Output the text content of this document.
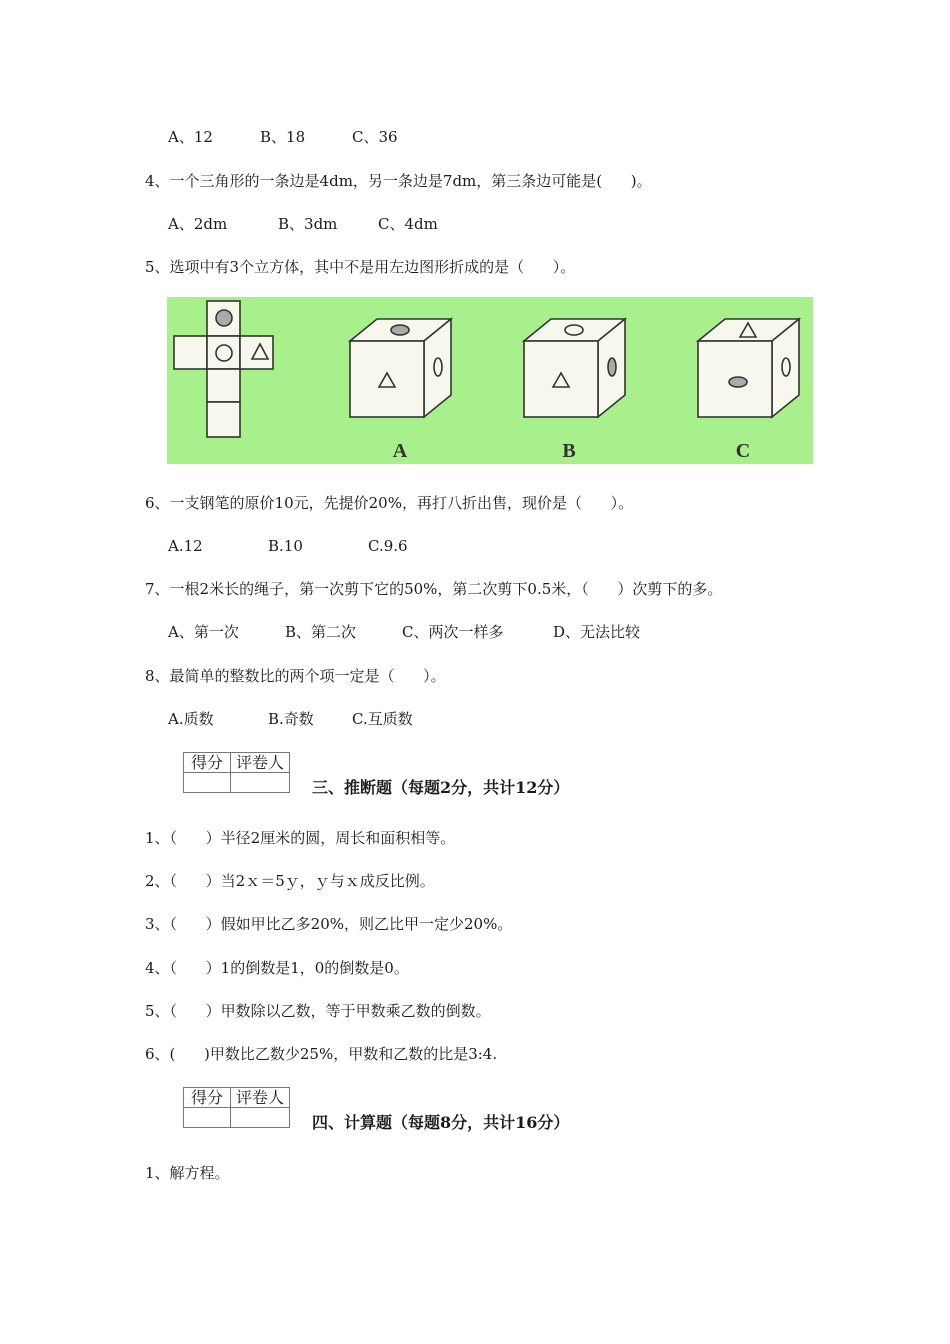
A、12	B、18	C、36
4、一个三角形的一条边是4dm，另一条边是7dm，第三条边可能是(      )。
A、2dm	B、3dm	C、4dm
5、选项中有3个立方体，其中不是用左边图形折成的是（      ）。
A	B	C
6、一支钢笔的原价10元，先提价20%，再打八折出售，现价是（      ）。
A.12	B.10	C.9.6
7、一根2米长的绳子，第一次剪下它的50%，第二次剪下0.5米，（      ）次剪下的多。
A、第一次	B、第二次	C、两次一样多	D、无法比较
8、最简单的整数比的两个项一定是（      ）。
A.质数	B.奇数	C.互质数
得分	评卷人

三、推断题（每题2分，共计12分）
1、（      ）半径2厘米的圆，周长和面积相等。
2、（      ）当2ｘ＝5ｙ，ｙ与ｘ成反比例。
3、（      ）假如甲比乙多20%，则乙比甲一定少20%。
4、（      ）1的倒数是1，0的倒数是0。
5、（      ）甲数除以乙数，等于甲数乘乙数的倒数。
6、(      )甲数比乙数少25%，甲数和乙数的比是3:4.
得分	评卷人

四、计算题（每题8分，共计16分）
1、解方程。
